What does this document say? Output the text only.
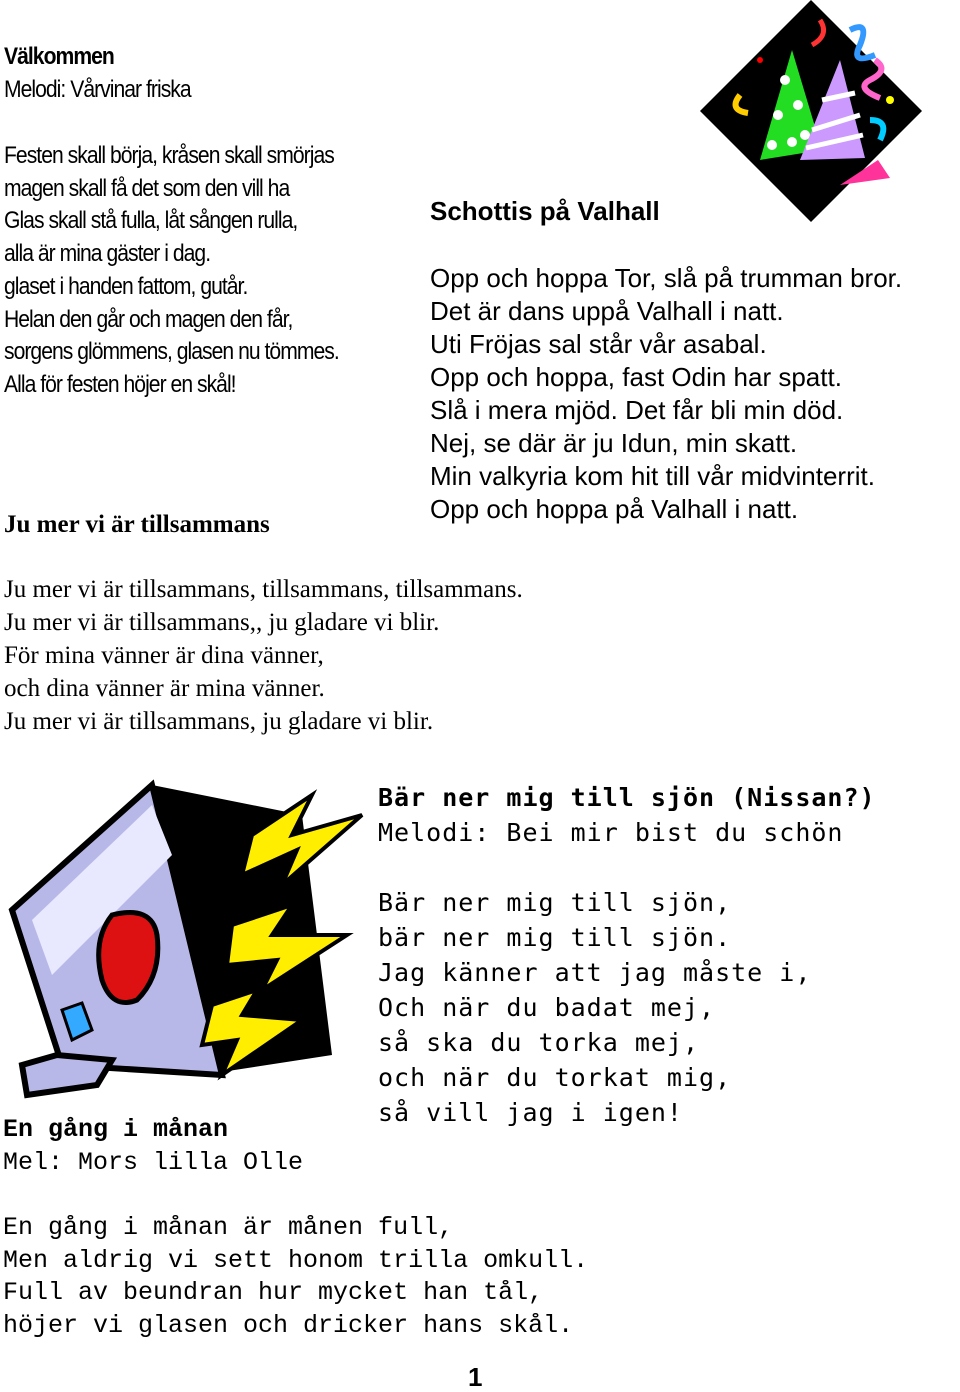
Välkommen
Melodi: Vårvinar friska
Festen skall börja, kråsen skall smörjas
magen skall få det som den vill ha
Glas skall stå fulla, låt sången rulla,
alla är mina gäster i dag.
glaset i handen fattom, gutår.
Helan den går och magen den får,
sorgens glömmens, glasen nu tömmes.
Alla för festen höjer en skål!
Schottis på Valhall
Opp och hoppa Tor, slå på trumman bror.
Det är dans uppå Valhall i natt.
Uti Fröjas sal står vår asabal.
Opp och hoppa, fast Odin har spatt.
Slå i mera mjöd. Det får bli min död.
Nej, se där är ju Idun, min skatt.
Min valkyria kom hit till vår midvinterrit.
Opp och hoppa på Valhall i natt.
Ju mer vi är tillsammans
Ju mer vi är tillsammans, tillsammans, tillsammans.
Ju mer vi är tillsammans,, ju gladare vi blir.
För mina vänner är dina vänner,
och dina vänner är mina vänner.
Ju mer vi är tillsammans, ju gladare vi blir.
Bär ner mig till sjön (Nissan?)
Melodi: Bei mir bist du schön
Bär ner mig till sjön,
bär ner mig till sjön.
Jag känner att jag måste i,
Och när du badat mej,
så ska du torka mej,
och när du torkat mig,
så vill jag i igen!
En gång i månan
Mel: Mors lilla Olle
En gång i månan är månen full,
Men aldrig vi sett honom trilla omkull.
Full av beundran hur mycket han tål,
höjer vi glasen och dricker hans skål.
1
